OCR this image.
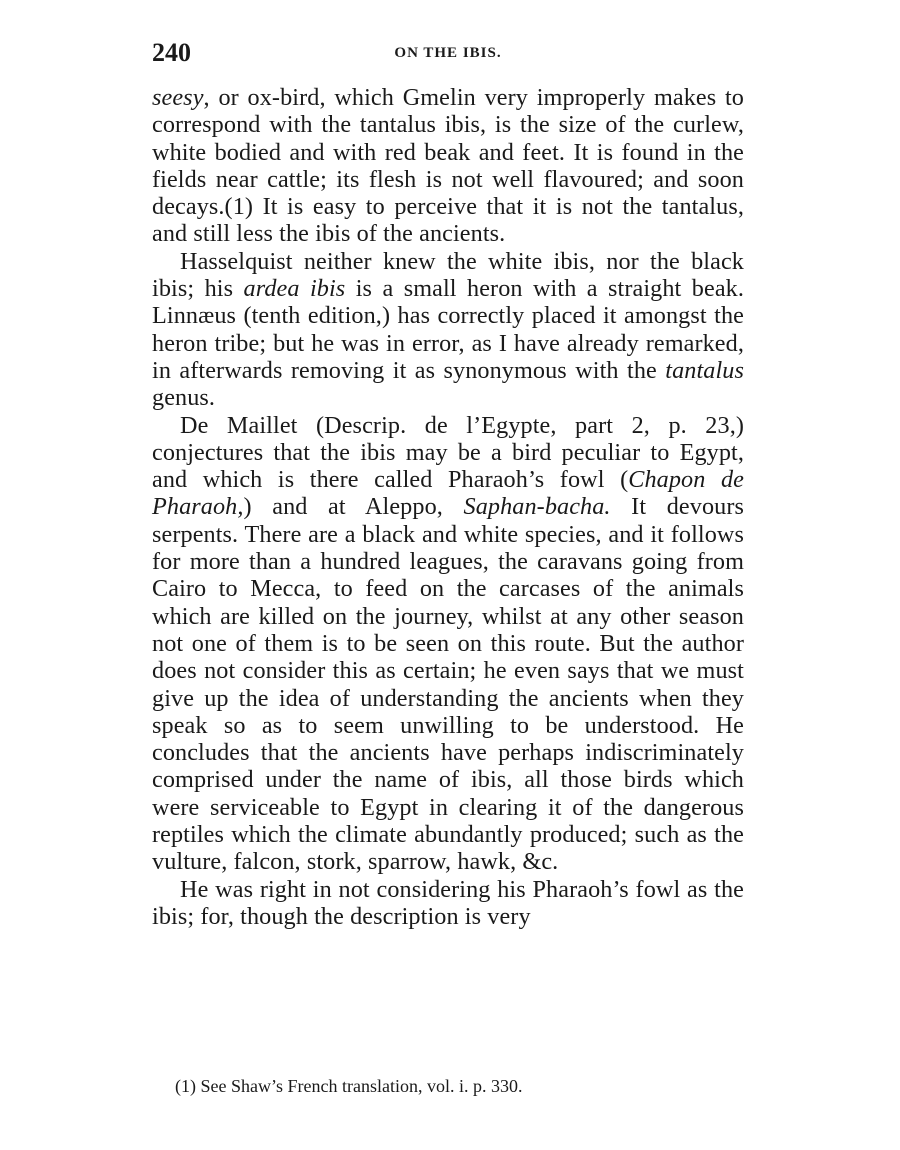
240	ON THE IBIS.

seesy, or ox-bird, which Gmelin very improperly makes to correspond with the tantalus ibis, is the size of the curlew, white bodied and with red beak and feet. It is found in the fields near cattle; its flesh is not well flavoured; and soon decays.(1) It is easy to perceive that it is not the tantalus, and still less the ibis of the ancients.

Hasselquist neither knew the white ibis, nor the black ibis; his ardea ibis is a small heron with a straight beak. Linnæus (tenth edition,) has correctly placed it amongst the heron tribe; but he was in error, as I have already remarked, in afterwards removing it as synonymous with the tantalus genus.

De Maillet (Descrip. de l’Egypte, part 2, p. 23,) conjectures that the ibis may be a bird peculiar to Egypt, and which is there called Pharaoh’s fowl (Chapon de Pharaoh,) and at Aleppo, Saphan-bacha. It devours serpents. There are a black and white species, and it follows for more than a hundred leagues, the caravans going from Cairo to Mecca, to feed on the carcases of the animals which are killed on the journey, whilst at any other season not one of them is to be seen on this route. But the author does not consider this as certain; he even says that we must give up the idea of understanding the ancients when they speak so as to seem unwilling to be understood. He concludes that the ancients have perhaps indiscriminately comprised under the name of ibis, all those birds which were serviceable to Egypt in clearing it of the dangerous reptiles which the climate abundantly produced; such as the vulture, falcon, stork, sparrow, hawk, &c.

He was right in not considering his Pharaoh’s fowl as the ibis; for, though the description is very

(1) See Shaw’s French translation, vol. i. p. 330.
